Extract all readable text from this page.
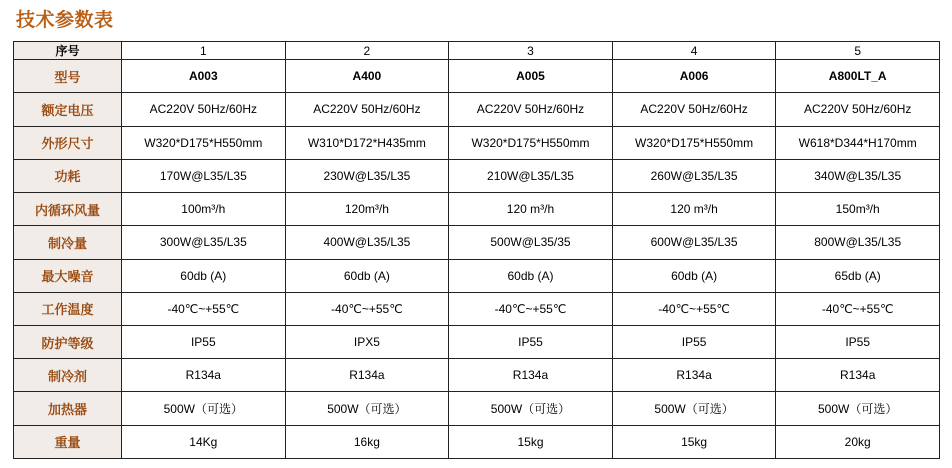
技术参数表
序号	1	2	3	4	5
型号	A003	A400	A005	A006	A800LT_A
额定电压	AC220V 50Hz/60Hz	AC220V 50Hz/60Hz	AC220V 50Hz/60Hz	AC220V 50Hz/60Hz	AC220V 50Hz/60Hz
外形尺寸	W320*D175*H550mm	W310*D172*H435mm	W320*D175*H550mm	W320*D175*H550mm	W618*D344*H170mm
功耗	170W@L35/L35	230W@L35/L35	210W@L35/L35	260W@L35/L35	340W@L35/L35
内循环风量	100m³/h	120m³/h	120 m³/h	120 m³/h	150m³/h
制冷量	300W@L35/L35	400W@L35/L35	500W@L35/35	600W@L35/L35	800W@L35/L35
最大噪音	60db (A)	60db (A)	60db (A)	60db (A)	65db (A)
工作温度	-40℃~+55℃	-40℃~+55℃	-40℃~+55℃	-40℃~+55℃	-40℃~+55℃
防护等级	IP55	IPX5	IP55	IP55	IP55
制冷剂	R134a	R134a	R134a	R134a	R134a
加热器	500W（可选）	500W（可选）	500W（可选）	500W（可选）	500W（可选）
重量	14Kg	16kg	15kg	15kg	20kg
